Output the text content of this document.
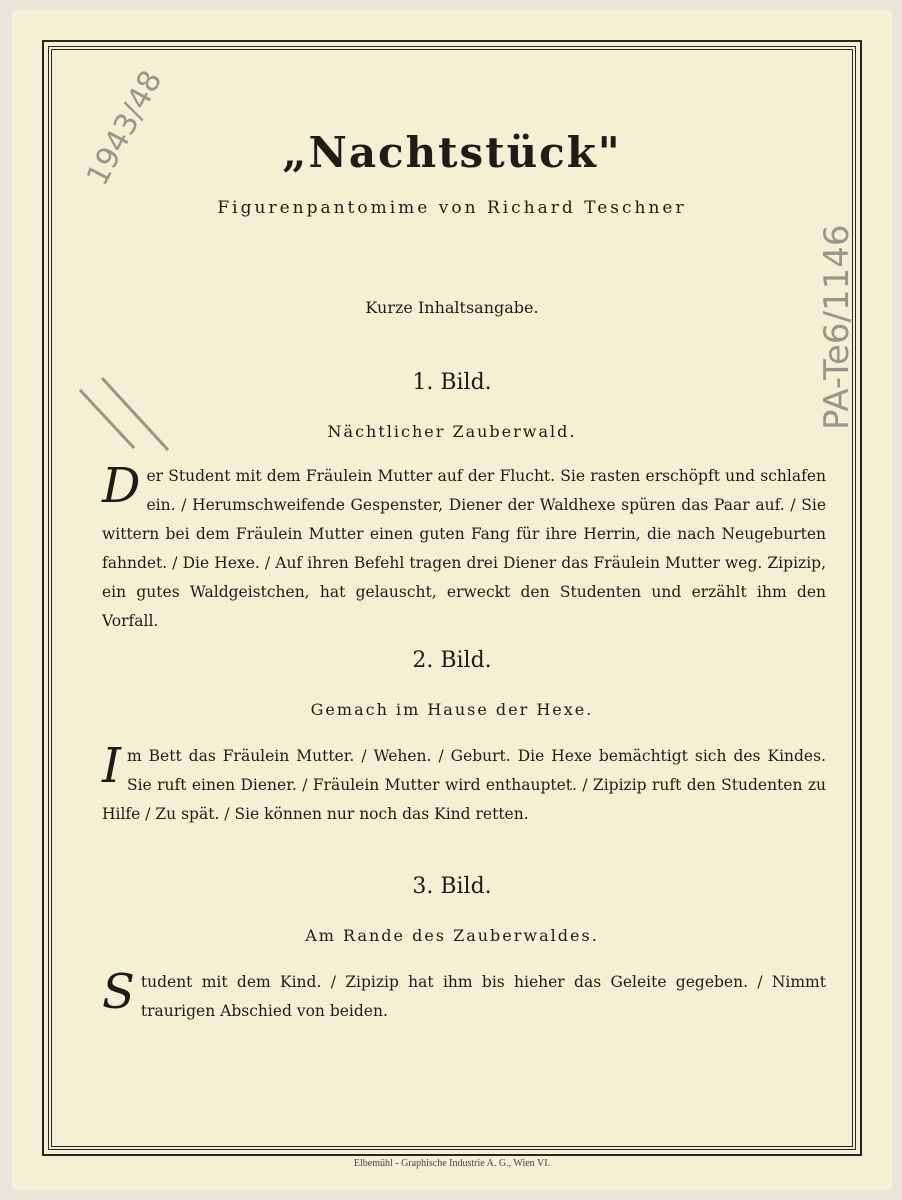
1943/48
PA-Te6/1146
„Nachtstück"
Figurenpantomime von Richard Teschner
Kurze Inhaltsangabe.
1. Bild.
Nächtlicher Zauberwald.
Der Student mit dem Fräulein Mutter auf der Flucht. Sie rasten erschöpft und schlafen ein. / Herumschweifende Gespenster, Diener der Waldhexe spüren das Paar auf. / Sie wittern bei dem Fräulein Mutter einen guten Fang für ihre Herrin, die nach Neugeburten fahndet. / Die Hexe. / Auf ihren Befehl tragen drei Diener das Fräulein Mutter weg. Zipizip, ein gutes Waldgeistchen, hat gelauscht, erweckt den Studenten und erzählt ihm den Vorfall.
2. Bild.
Gemach im Hause der Hexe.
Im Bett das Fräulein Mutter. / Wehen. / Geburt. Die Hexe bemächtigt sich des Kindes. Sie ruft einen Diener. / Fräulein Mutter wird enthauptet. / Zipizip ruft den Studenten zu Hilfe / Zu spät. / Sie können nur noch das Kind retten.
3. Bild.
Am Rande des Zauberwaldes.
Student mit dem Kind. / Zipizip hat ihm bis hieher das Geleite gegeben. / Nimmt traurigen Abschied von beiden.
Elbemühl - Graphische Industrie A. G., Wien VI.
